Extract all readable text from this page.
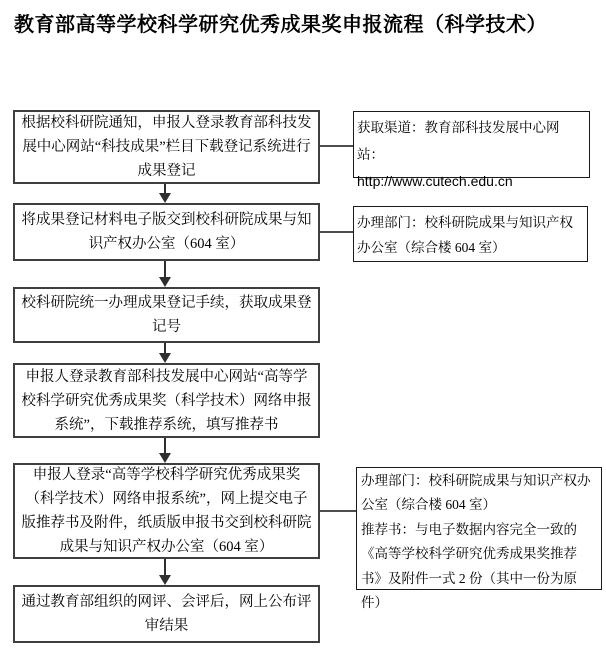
教育部高等学校科学研究优秀成果奖申报流程（科学技术）
根据校科研院通知，申报人登录教育部科技发展中心网站“科技成果”栏目下载登记系统进行成果登记
将成果登记材料电子版交到校科研院成果与知识产权办公室（604 室）
校科研院统一办理成果登记手续，获取成果登记号
申报人登录教育部科技发展中心网站“高等学校科学研究优秀成果奖（科学技术）网络申报系统”，下载推荐系统，填写推荐书
申报人登录“高等学校科学研究优秀成果奖（科学技术）网络申报系统”，网上提交电子版推荐书及附件，纸质版申报书交到校科研院成果与知识产权办公室（604 室）
通过教育部组织的网评、会评后，网上公布评审结果
获取渠道：教育部科技发展中心网站：
http://www.cutech.edu.cn
办理部门：校科研院成果与知识产权办公室（综合楼 604 室）

办理部门：校科研院成果与知识产权办公室（综合楼 604 室）

推荐书：与电子数据内容完全一致的《高等学校科学研究优秀成果奖推荐书》及附件一式 2 份（其中一份为原件）
